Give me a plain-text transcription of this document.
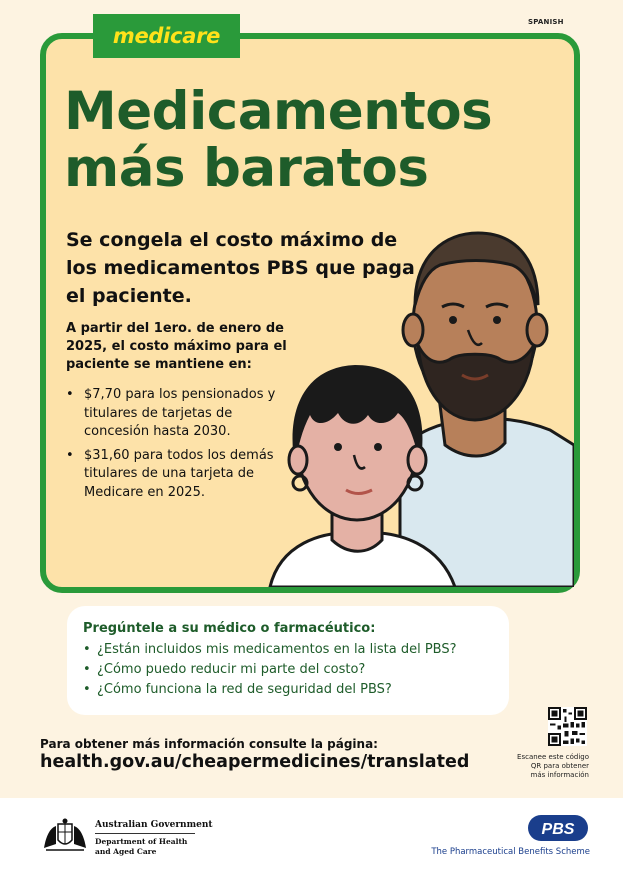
SPANISH
medicare
Medicamentos
más baratos

Se congela el costo máximo de los medicamentos PBS que paga el paciente.

A partir del 1ero. de enero de 2025, el costo máximo para el paciente se mantiene en:

• $7,70 para los pensionados y titulares de tarjetas de concesión hasta 2030.
• $31,60 para todos los demás titulares de una tarjeta de Medicare en 2025.

Pregúntele a su médico o farmacéutico:

• ¿Están incluidos mis medicamentos en la lista del PBS?
• ¿Cómo puedo reducir mi parte del costo?
• ¿Cómo funciona la red de seguridad del PBS?

Para obtener más información consulte la página:

health.gov.au/cheapermedicines/translated	Escanee este código
QR para obtener
más información

Australian Government
Department of Health
and Aged Care
PBS
The Pharmaceutical Benefits Scheme
